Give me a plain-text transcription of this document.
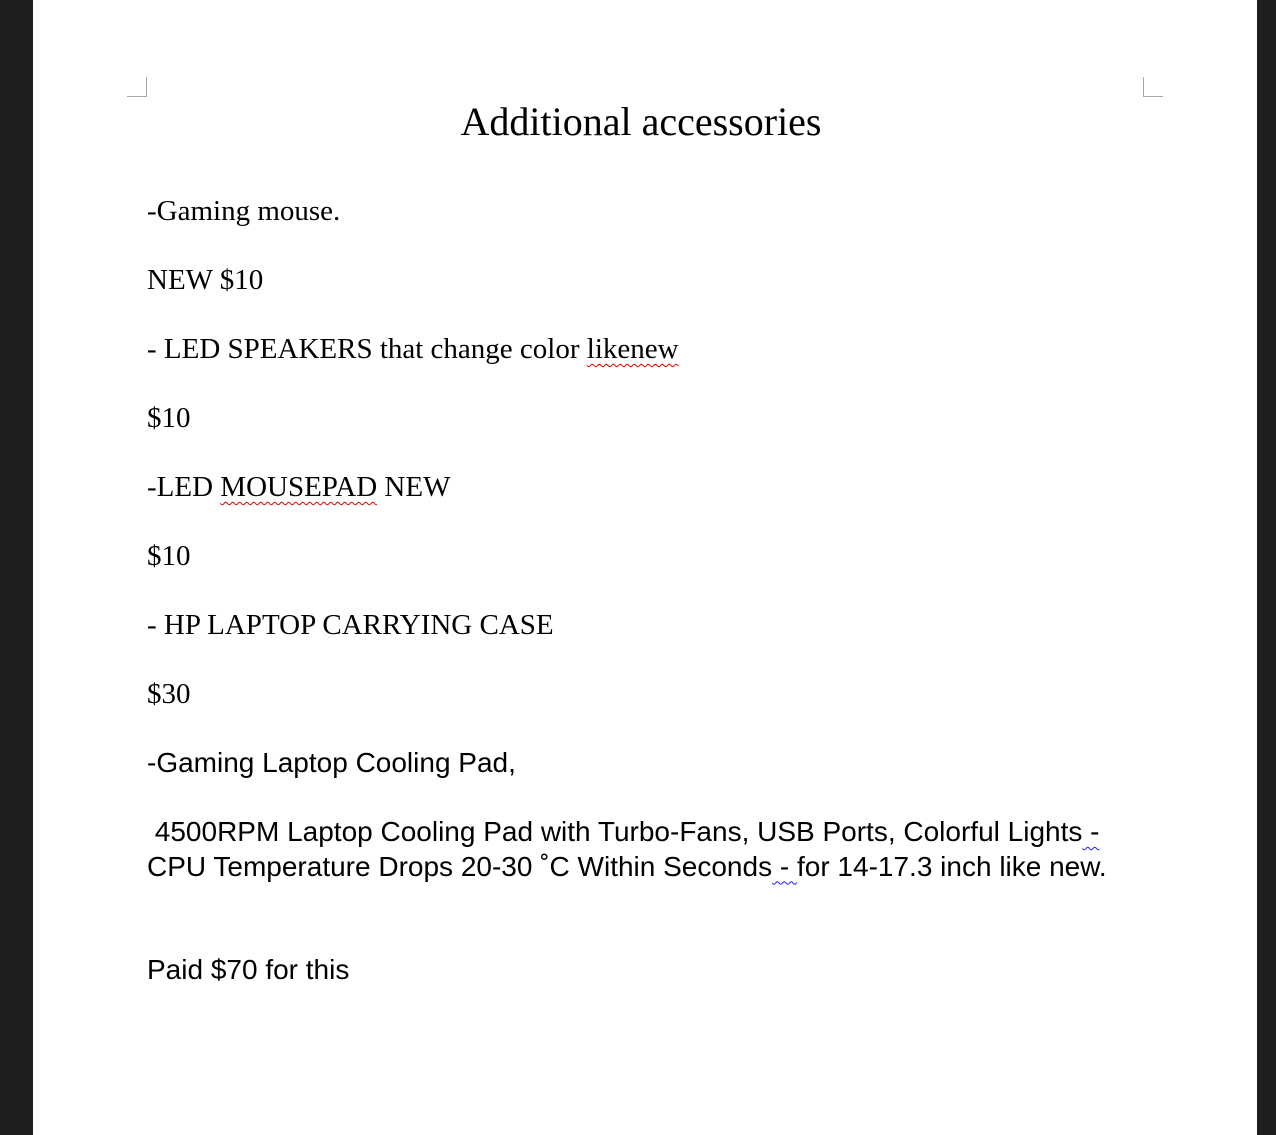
Additional accessories

-Gaming mouse.

NEW $10

- LED SPEAKERS that change color likenew

$10

-LED MOUSEPAD NEW

$10

- HP LAPTOP CARRYING CASE

$30

-Gaming Laptop Cooling Pad,

4500RPM Laptop Cooling Pad with Turbo-Fans, USB Ports, Colorful Lights - CPU Temperature Drops 20-30 ˚C Within Seconds - for 14-17.3 inch like new.

Paid $70 for this
